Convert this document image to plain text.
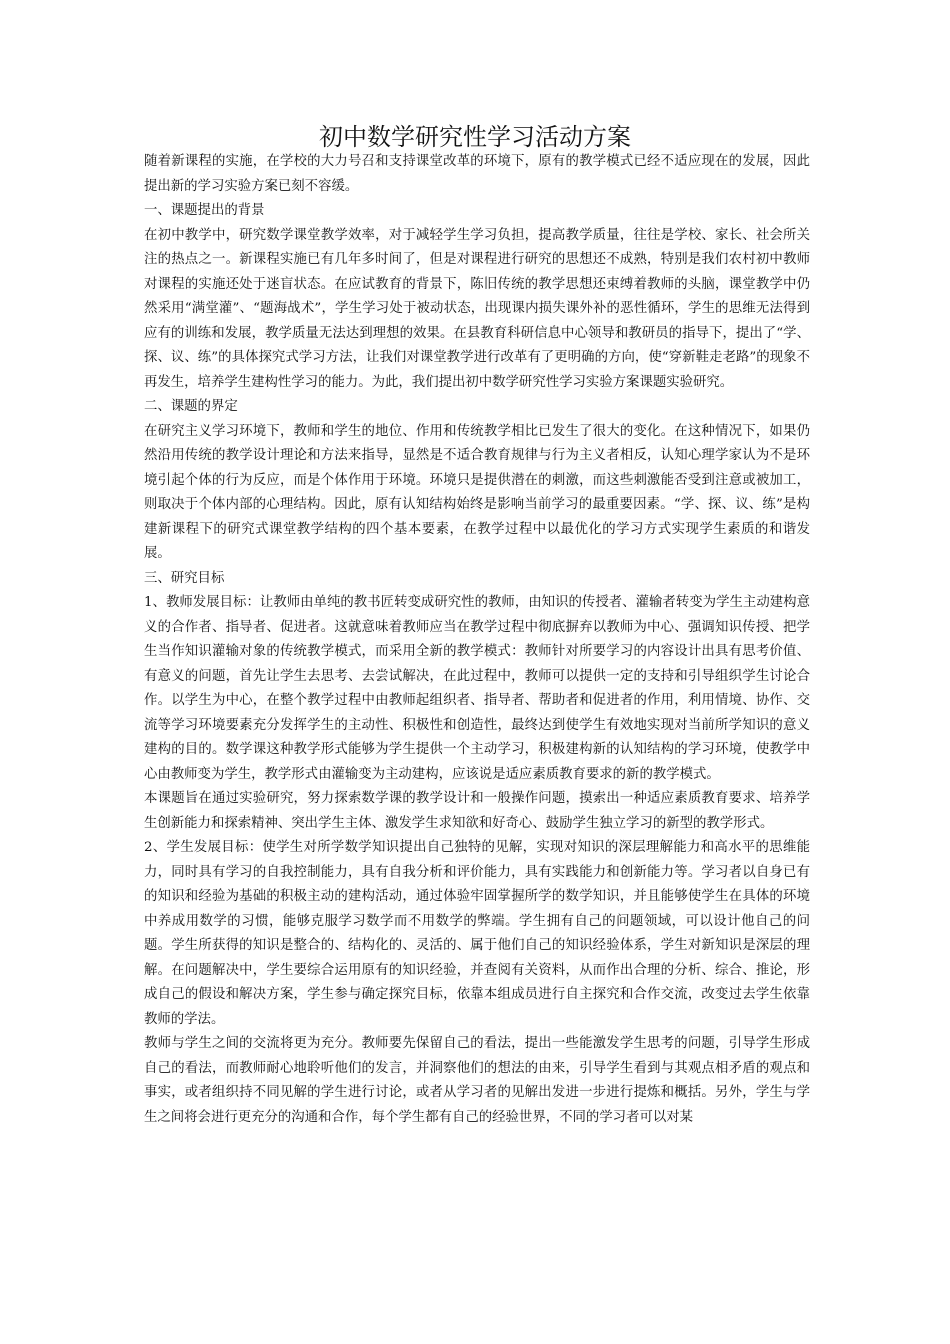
初中数学研究性学习活动方案

随着新课程的实施，在学校的大力号召和支持课堂改革的环境下，原有的教学模式已经不适应现在的发展，因此提出新的学习实验方案已刻不容缓。

一、课题提出的背景

在初中教学中，研究数学课堂教学效率，对于减轻学生学习负担，提高教学质量，往往是学校、家长、社会所关注的热点之一。新课程实施已有几年多时间了，但是对课程进行研究的思想还不成熟，特别是我们农村初中教师对课程的实施还处于迷盲状态。在应试教育的背景下，陈旧传统的教学思想还束缚着教师的头脑，课堂教学中仍然采用“满堂灌”、“题海战术”，学生学习处于被动状态，出现课内损失课外补的恶性循环，学生的思维无法得到应有的训练和发展，教学质量无法达到理想的效果。在县教育科研信息中心领导和教研员的指导下，提出了“学、探、议、练”的具体探究式学习方法，让我们对课堂教学进行改革有了更明确的方向，使“穿新鞋走老路”的现象不再发生，培养学生建构性学习的能力。为此，我们提出初中数学研究性学习实验方案课题实验研究。

二、课题的界定

在研究主义学习环境下，教师和学生的地位、作用和传统教学相比已发生了很大的变化。在这种情况下，如果仍然沿用传统的教学设计理论和方法来指导，显然是不适合教育规律与行为主义者相反，认知心理学家认为不是环境引起个体的行为反应，而是个体作用于环境。环境只是提供潜在的刺激，而这些刺激能否受到注意或被加工，则取决于个体内部的心理结构。因此，原有认知结构始终是影响当前学习的最重要因素。“学、探、议、练”是构建新课程下的研究式课堂教学结构的四个基本要素，在教学过程中以最优化的学习方式实现学生素质的和谐发展。

三、研究目标

1、教师发展目标：让教师由单纯的教书匠转变成研究性的教师，由知识的传授者、灌输者转变为学生主动建构意义的合作者、指导者、促进者。这就意味着教师应当在教学过程中彻底摒弃以教师为中心、强调知识传授、把学生当作知识灌输对象的传统教学模式，而采用全新的教学模式：教师针对所要学习的内容设计出具有思考价值、有意义的问题，首先让学生去思考、去尝试解决，在此过程中，教师可以提供一定的支持和引导组织学生讨论合作。以学生为中心，在整个教学过程中由教师起组织者、指导者、帮助者和促进者的作用，利用情境、协作、交流等学习环境要素充分发挥学生的主动性、积极性和创造性，最终达到使学生有效地实现对当前所学知识的意义建构的目的。数学课这种教学形式能够为学生提供一个主动学习，积极建构新的认知结构的学习环境，使教学中心由教师变为学生，教学形式由灌输变为主动建构，应该说是适应素质教育要求的新的教学模式。

本课题旨在通过实验研究，努力探索数学课的教学设计和一般操作问题，摸索出一种适应素质教育要求、培养学生创新能力和探索精神、突出学生主体、激发学生求知欲和好奇心、鼓励学生独立学习的新型的教学形式。

2、学生发展目标：使学生对所学数学知识提出自己独特的见解，实现对知识的深层理解能力和高水平的思维能力，同时具有学习的自我控制能力，具有自我分析和评价能力，具有实践能力和创新能力等。学习者以自身已有的知识和经验为基础的积极主动的建构活动，通过体验牢固掌握所学的数学知识，并且能够使学生在具体的环境中养成用数学的习惯，能够克服学习数学而不用数学的弊端。学生拥有自己的问题领域，可以设计他自己的问题。学生所获得的知识是整合的、结构化的、灵活的、属于他们自己的知识经验体系，学生对新知识是深层的理解。在问题解决中，学生要综合运用原有的知识经验，并查阅有关资料，从而作出合理的分析、综合、推论，形成自己的假设和解决方案，学生参与确定探究目标，依靠本组成员进行自主探究和合作交流，改变过去学生依靠教师的学法。

教师与学生之间的交流将更为充分。教师要先保留自己的看法，提出一些能激发学生思考的问题，引导学生形成自己的看法，而教师耐心地聆听他们的发言，并洞察他们的想法的由来，引导学生看到与其观点相矛盾的观点和事实，或者组织持不同见解的学生进行讨论，或者从学习者的见解出发进一步进行提炼和概括。另外，学生与学生之间将会进行更充分的沟通和合作，每个学生都有自己的经验世界，不同的学习者可以对某
